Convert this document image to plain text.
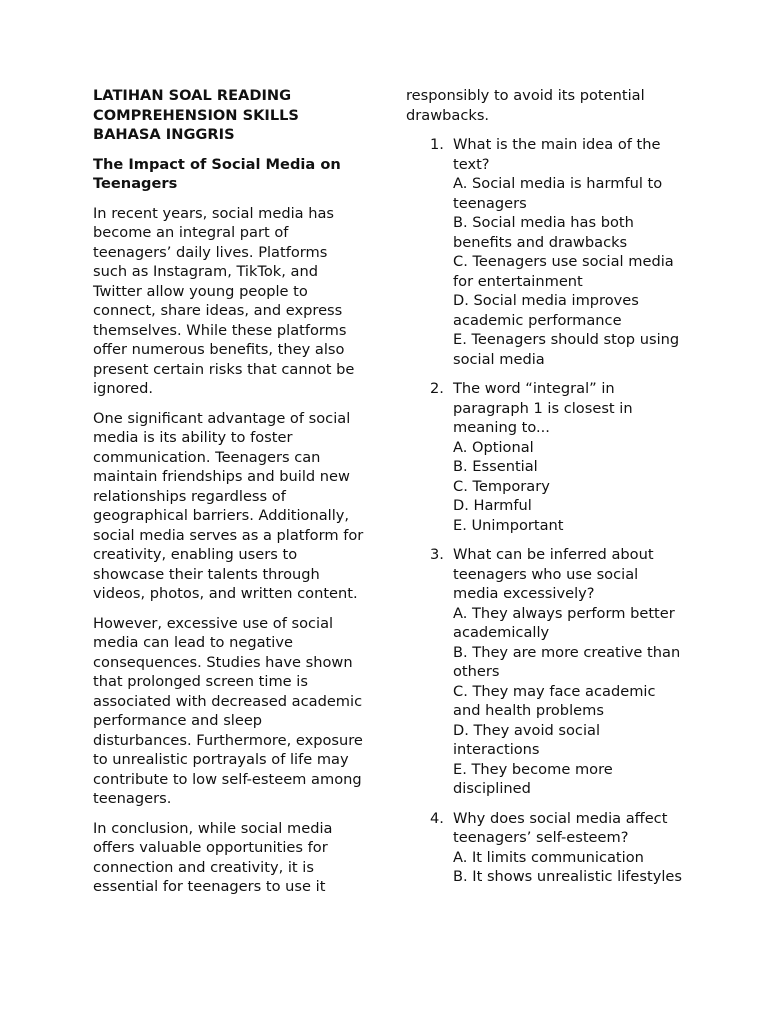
LATIHAN SOAL READING COMPREHENSION SKILLS BAHASA INGGRIS
The Impact of Social Media on Teenagers

In recent years, social media has become an integral part of teenagers’ daily lives. Platforms such as Instagram, TikTok, and Twitter allow young people to connect, share ideas, and express themselves. While these platforms offer numerous benefits, they also present certain risks that cannot be ignored.

One significant advantage of social media is its ability to foster communication. Teenagers can maintain friendships and build new relationships regardless of geographical barriers. Additionally, social media serves as a platform for creativity, enabling users to showcase their talents through videos, photos, and written content.

However, excessive use of social media can lead to negative consequences. Studies have shown that prolonged screen time is associated with decreased academic performance and sleep disturbances. Furthermore, exposure to unrealistic portrayals of life may contribute to low self-esteem among teenagers.

In conclusion, while social media offers valuable opportunities for connection and creativity, it is essential for teenagers to use it

responsibly to avoid its potential drawbacks.

1. What is the main idea of the text?
A. Social media is harmful to teenagers
B. Social media has both benefits and drawbacks
C. Teenagers use social media for entertainment
D. Social media improves academic performance
E. Teenagers should stop using social media
2. The word “integral” in paragraph 1 is closest in meaning to...
A. Optional
B. Essential
C. Temporary
D. Harmful
E. Unimportant
3. What can be inferred about teenagers who use social media excessively?
A. They always perform better academically
B. They are more creative than others
C. They may face academic and health problems
D. They avoid social interactions
E. They become more disciplined
4. Why does social media affect teenagers’ self-esteem?
A. It limits communication
B. It shows unrealistic lifestyles
